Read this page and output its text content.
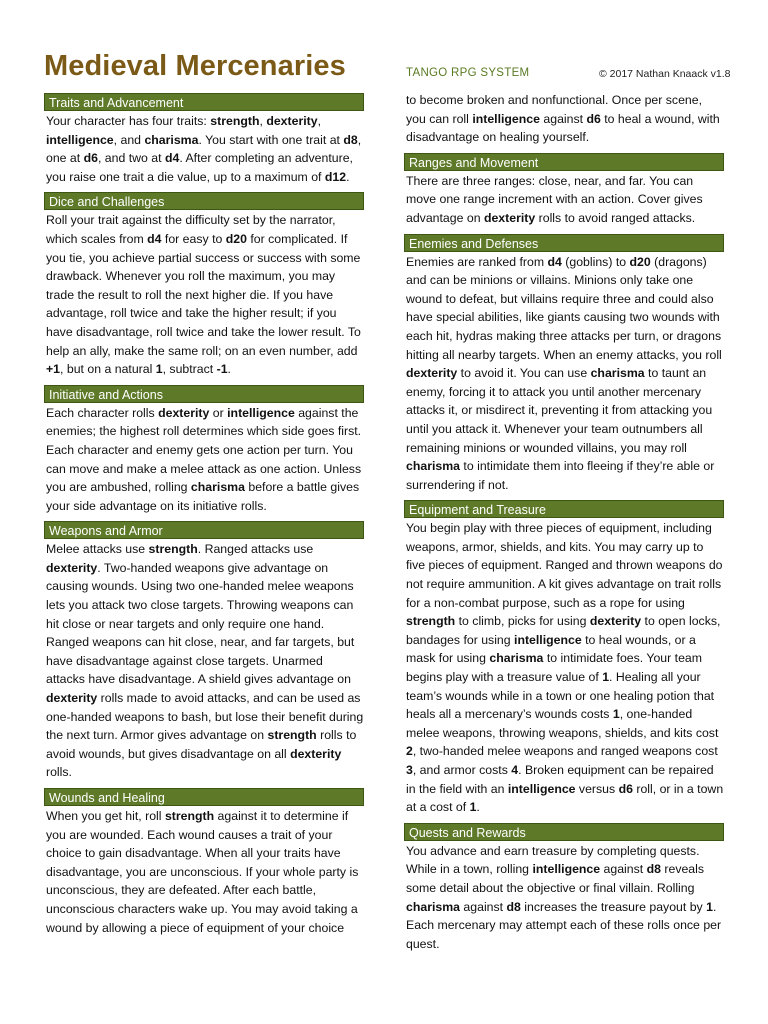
Medieval Mercenaries	TANGO RPG SYSTEM	© 2017 Nathan Knaack v1.8
Traits and Advancement

Your character has four traits: strength, dexterity, intelligence, and charisma. You start with one trait at d8, one at d6, and two at d4. After completing an adventure, you raise one trait a die value, up to a maximum of d12.

Dice and Challenges

Roll your trait against the difficulty set by the narrator, which scales from d4 for easy to d20 for complicated. If you tie, you achieve partial success or success with some drawback. Whenever you roll the maximum, you may trade the result to roll the next higher die. If you have advantage, roll twice and take the higher result; if you have disadvantage, roll twice and take the lower result. To help an ally, make the same roll; on an even number, add +1, but on a natural 1, subtract -1.

Initiative and Actions

Each character rolls dexterity or intelligence against the enemies; the highest roll determines which side goes first. Each character and enemy gets one action per turn. You can move and make a melee attack as one action. Unless you are ambushed, rolling charisma before a battle gives your side advantage on its initiative rolls.

Weapons and Armor

Melee attacks use strength. Ranged attacks use dexterity. Two-handed weapons give advantage on causing wounds. Using two one-handed melee weapons lets you attack two close targets. Throwing weapons can hit close or near targets and only require one hand. Ranged weapons can hit close, near, and far targets, but have disadvantage against close targets. Unarmed attacks have disadvantage. A shield gives advantage on dexterity rolls made to avoid attacks, and can be used as one-handed weapons to bash, but lose their benefit during the next turn. Armor gives advantage on strength rolls to avoid wounds, but gives disadvantage on all dexterity rolls.

Wounds and Healing

When you get hit, roll strength against it to determine if you are wounded. Each wound causes a trait of your choice to gain disadvantage. When all your traits have disadvantage, you are unconscious. If your whole party is unconscious, they are defeated. After each battle, unconscious characters wake up. You may avoid taking a wound by allowing a piece of equipment of your choice

to become broken and nonfunctional. Once per scene, you can roll intelligence against d6 to heal a wound, with disadvantage on healing yourself.

Ranges and Movement

There are three ranges: close, near, and far. You can move one range increment with an action. Cover gives advantage on dexterity rolls to avoid ranged attacks.

Enemies and Defenses

Enemies are ranked from d4 (goblins) to d20 (dragons) and can be minions or villains. Minions only take one wound to defeat, but villains require three and could also have special abilities, like giants causing two wounds with each hit, hydras making three attacks per turn, or dragons hitting all nearby targets. When an enemy attacks, you roll dexterity to avoid it. You can use charisma to taunt an enemy, forcing it to attack you until another mercenary attacks it, or misdirect it, preventing it from attacking you until you attack it. Whenever your team outnumbers all remaining minions or wounded villains, you may roll charisma to intimidate them into fleeing if they’re able or surrendering if not.

Equipment and Treasure

You begin play with three pieces of equipment, including weapons, armor, shields, and kits. You may carry up to five pieces of equipment. Ranged and thrown weapons do not require ammunition. A kit gives advantage on trait rolls for a non-combat purpose, such as a rope for using strength to climb, picks for using dexterity to open locks, bandages for using intelligence to heal wounds, or a mask for using charisma to intimidate foes. Your team begins play with a treasure value of 1. Healing all your team’s wounds while in a town or one healing potion that heals all a mercenary’s wounds costs 1, one-handed melee weapons, throwing weapons, shields, and kits cost 2, two-handed melee weapons and ranged weapons cost 3, and armor costs 4. Broken equipment can be repaired in the field with an intelligence versus d6 roll, or in a town at a cost of 1.

Quests and Rewards

You advance and earn treasure by completing quests. While in a town, rolling intelligence against d8 reveals some detail about the objective or final villain. Rolling charisma against d8 increases the treasure payout by 1. Each mercenary may attempt each of these rolls once per quest.
